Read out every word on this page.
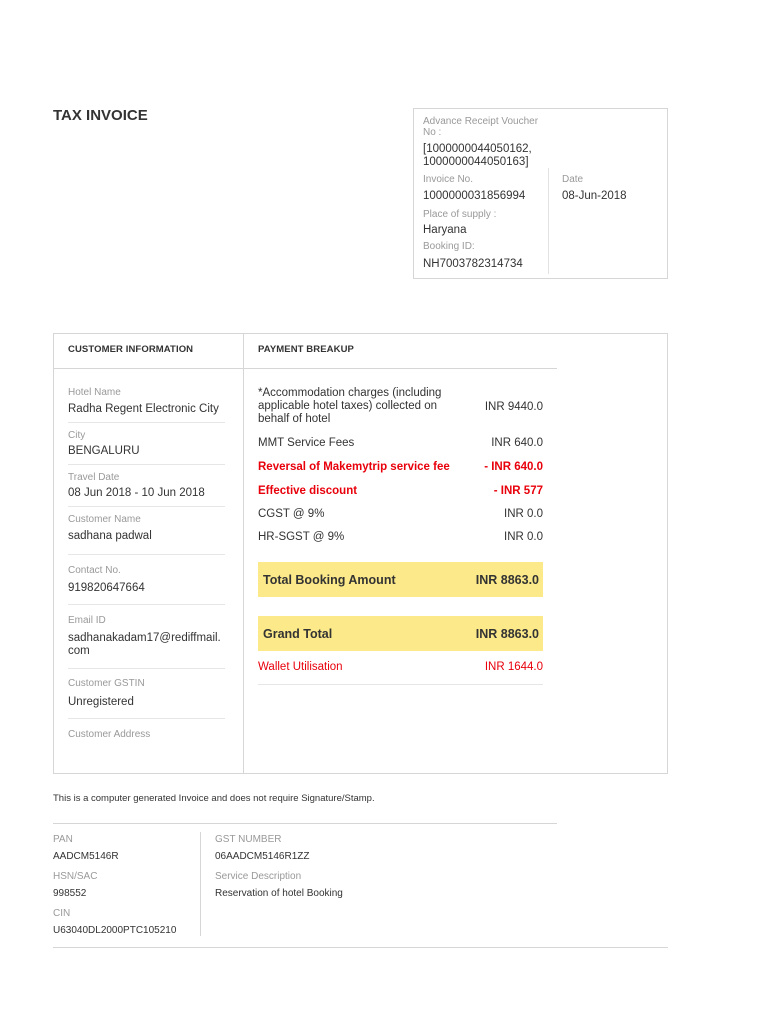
TAX INVOICE	Advance Receipt Voucher No :
[1000000044050162, 1000000044050163]
Invoice No.
1000000031856994
Date
08-Jun-2018
Place of supply :
Haryana
Booking ID:
NH7003782314734
CUSTOMER INFORMATION	PAYMENT BREAKUP
Hotel Name
Radha Regent Electronic City
City
BENGALURU
Travel Date
08 Jun 2018 - 10 Jun 2018
Customer Name
sadhana padwal
Contact No.
919820647664
Email ID
sadhanakadam17@rediffmail.com
Customer GSTIN
Unregistered
Customer Address
*Accommodation charges (including applicable hotel taxes) collected on behalf of hotel
INR 9440.0
MMT Service Fees	INR 640.0
Reversal of Makemytrip service fee	- INR 640.0
Effective discount	- INR 577
CGST @ 9%	INR 0.0
HR-SGST @ 9%	INR 0.0
Total Booking Amount	INR 8863.0
Grand Total	INR 8863.0
Wallet Utilisation	INR 1644.0
This is a computer generated Invoice and does not require Signature/Stamp.
PAN
AADCM5146R
HSN/SAC
998552
CIN
U63040DL2000PTC105210
GST NUMBER
06AADCM5146R1ZZ
Service Description
Reservation of hotel Booking
